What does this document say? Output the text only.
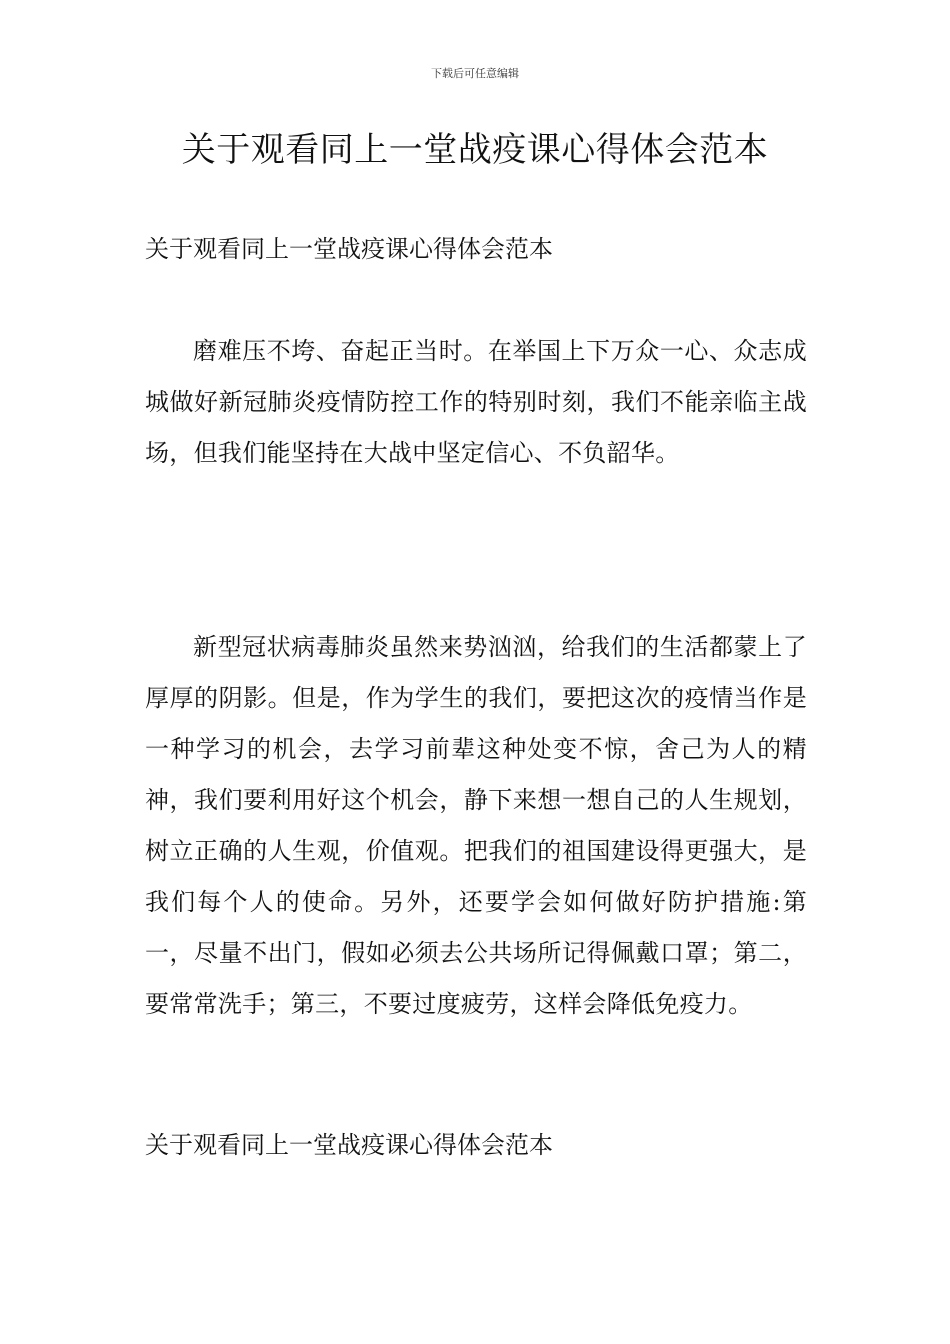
下载后可任意编辑
关于观看同上一堂战疫课心得体会范本

关于观看同上一堂战疫课心得体会范本

磨难压不垮、奋起正当时。在举国上下万众一心、众志成城做好新冠肺炎疫情防控工作的特别时刻，我们不能亲临主战场，但我们能坚持在大战中坚定信心、不负韶华。

新型冠状病毒肺炎虽然来势汹汹，给我们的生活都蒙上了厚厚的阴影。但是，作为学生的我们，要把这次的疫情当作是一种学习的机会，去学习前辈这种处变不惊，舍己为人的精神，我们要利用好这个机会，静下来想一想自己的人生规划，树立正确的人生观，价值观。把我们的祖国建设得更强大，是我们每个人的使命。另外，还要学会如何做好防护措施:第一，尽量不出门，假如必须去公共场所记得佩戴口罩；第二，要常常洗手；第三，不要过度疲劳，这样会降低免疫力。

关于观看同上一堂战疫课心得体会范本
